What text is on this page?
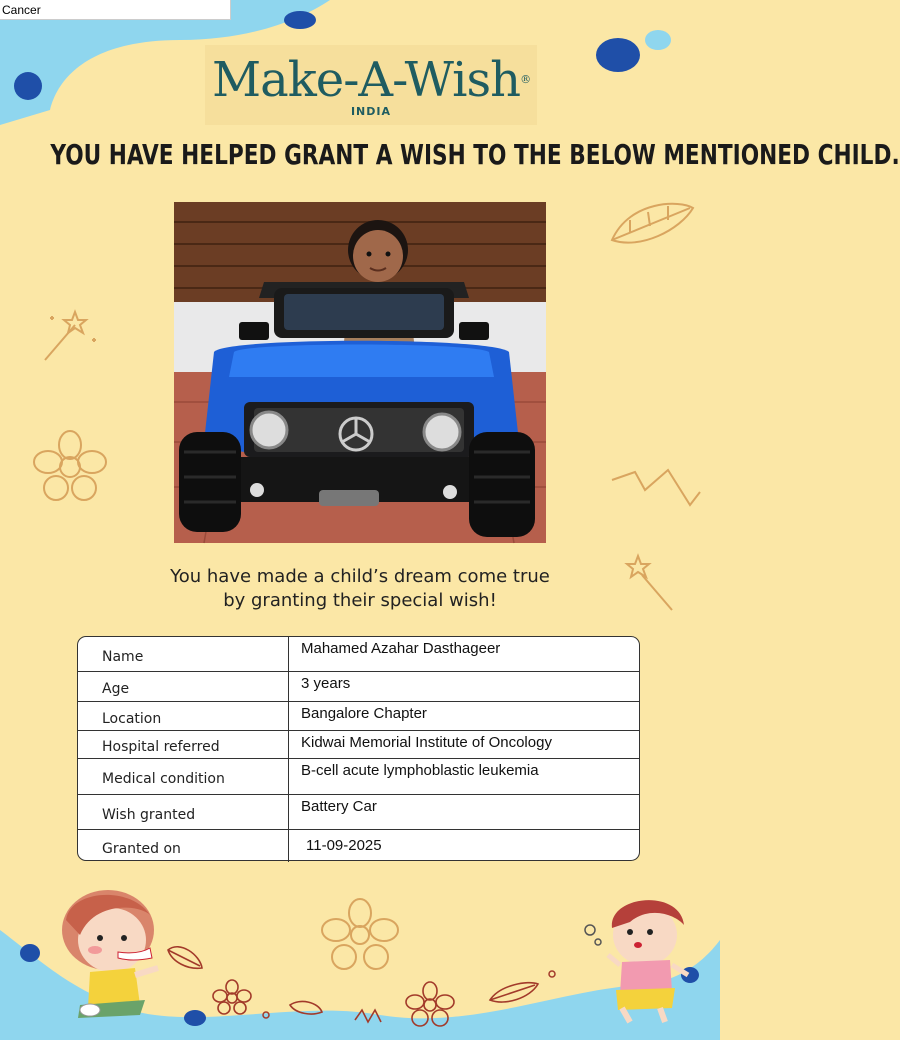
Cancer
Make-A-Wish®
INDIA
YOU HAVE HELPED GRANT A WISH TO THE BELOW MENTIONED CHILD.
You have made a child’s dream come true
by granting their special wish!
Name	Mahamed Azahar Dasthageer
Age	3 years
Location	Bangalore Chapter
Hospital referred	Kidwai Memorial Institute of Oncology
Medical condition	B-cell acute lymphoblastic leukemia
Wish granted	Battery Car
Granted on	11-09-2025
